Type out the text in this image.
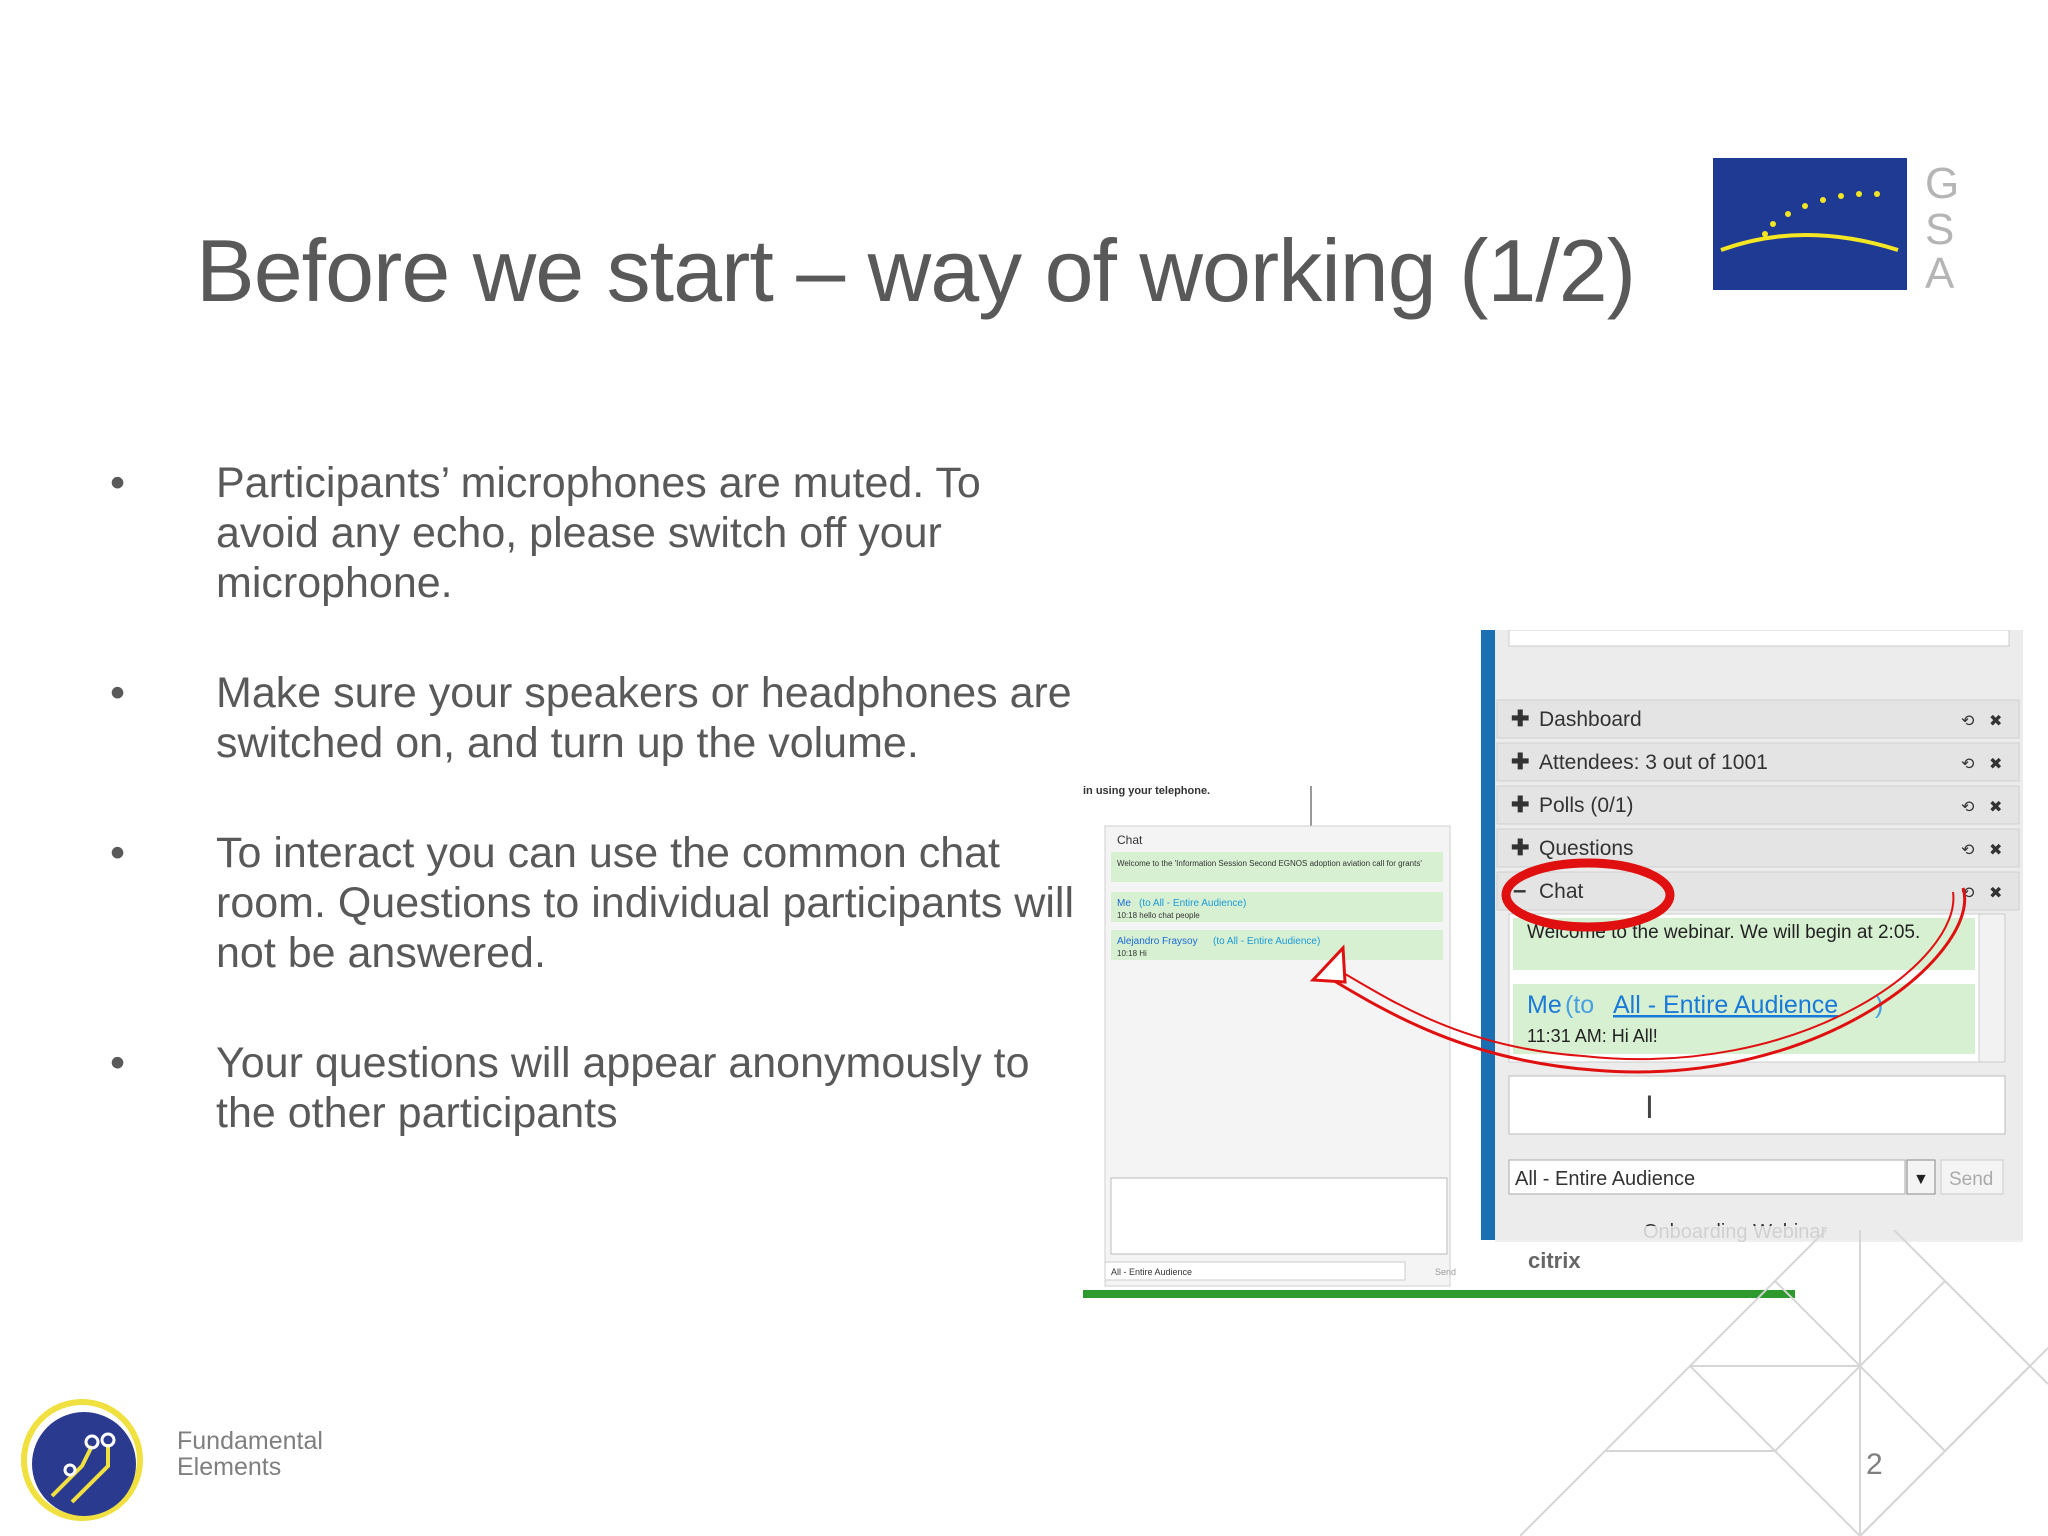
Before we start – way of working (1/2)
G
S
A
• Participants’ microphones are muted. To avoid any echo, please switch off your microphone.
• Make sure your speakers or headphones are switched on, and turn up the volume.
• To interact you can use the common chat room. Questions to individual participants will not be answered.
• Your questions will appear anonymously to the other participants
in using your telephone.
Chat
Welcome to the 'Information Session Second EGNOS adoption aviation call for grants'
Me (to All - Entire Audience)
10:18 hello chat people
Alejandro Fraysoy (to All - Entire Audience)
10:18 Hi
All - Entire Audience	Send	citrix
✚ Dashboard
✚ Attendees: 3 out of 1001
✚ Polls (0/1)
✚ Questions
– Chat
⟲ ✖
⟲ ✖
⟲ ✖
⟲ ✖
⟲ ✖
Welcome to the webinar. We will begin at 2:05.
Me (to All - Entire Audience )
11:31 AM: Hi All!
I
All - Entire Audience	▼ Send
Fundamental
Elements	2
